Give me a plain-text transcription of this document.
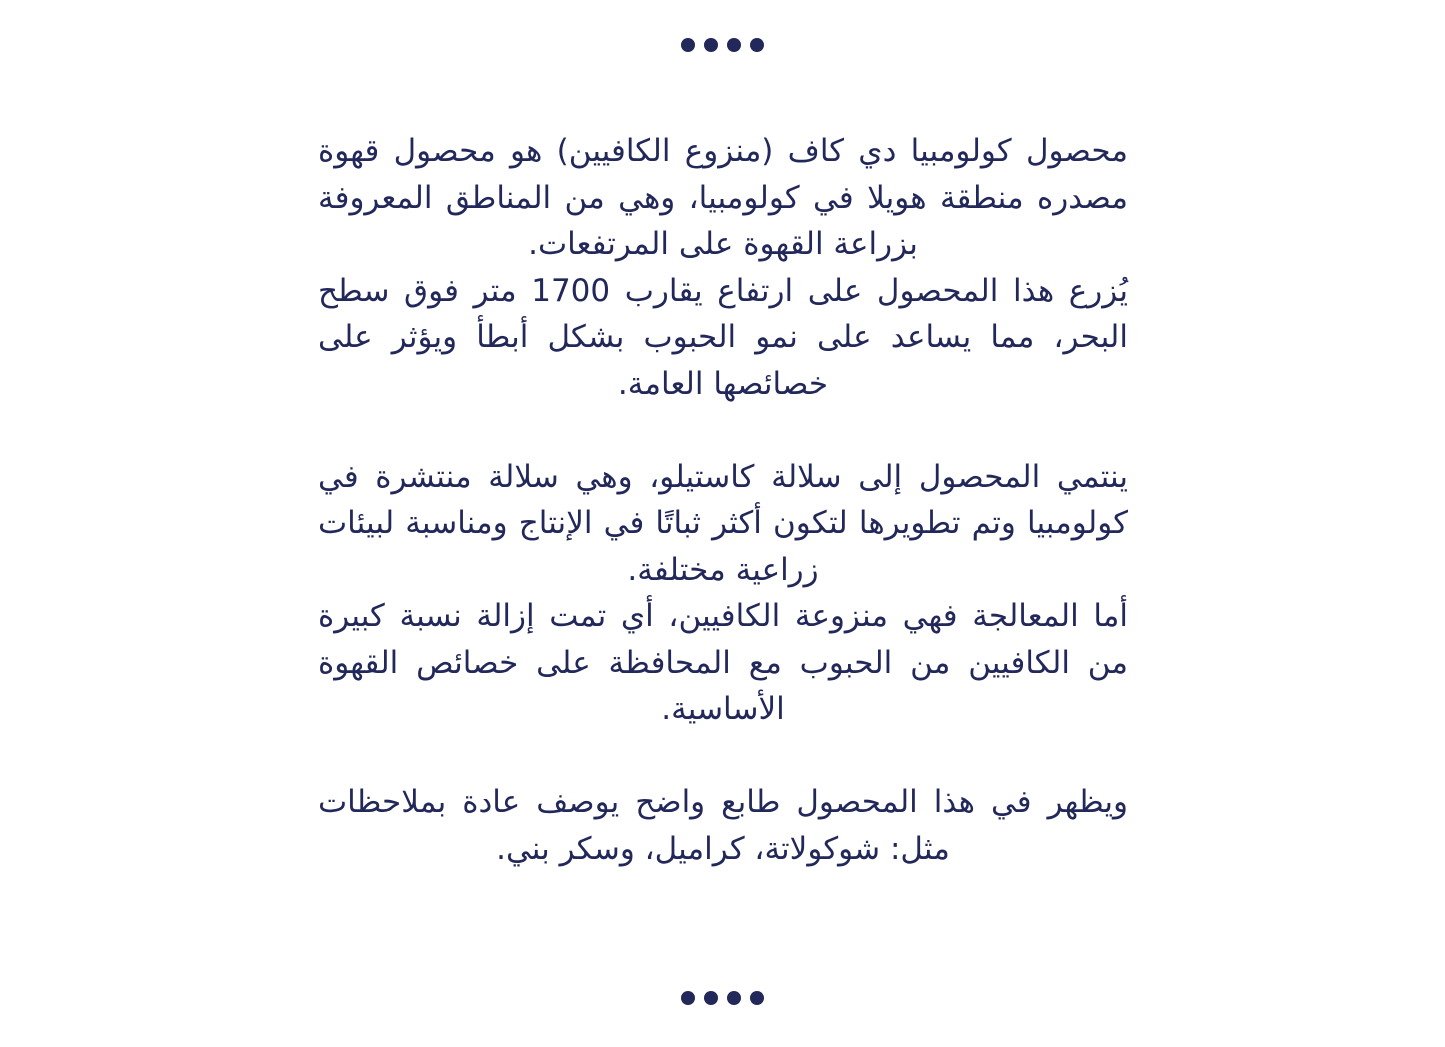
محصول كولومبيا دي كاف (منزوع الكافيين) هو محصول قهوة مصدره منطقة هويلا في كولومبيا، وهي من المناطق المعروفة بزراعة القهوة على المرتفعات.

يُزرع هذا المحصول على ارتفاع يقارب 1700 متر فوق سطح البحر، مما يساعد على نمو الحبوب بشكل أبطأ ويؤثر على خصائصها العامة.

ينتمي المحصول إلى سلالة كاستيلو، وهي سلالة منتشرة في كولومبيا وتم تطويرها لتكون أكثر ثباتًا في الإنتاج ومناسبة لبيئات زراعية مختلفة.

أما المعالجة فهي منزوعة الكافيين، أي تمت إزالة نسبة كبيرة من الكافيين من الحبوب مع المحافظة على خصائص القهوة الأساسية.

ويظهر في هذا المحصول طابع واضح يوصف عادة بملاحظات مثل: شوكولاتة، كراميل، وسكر بني.
